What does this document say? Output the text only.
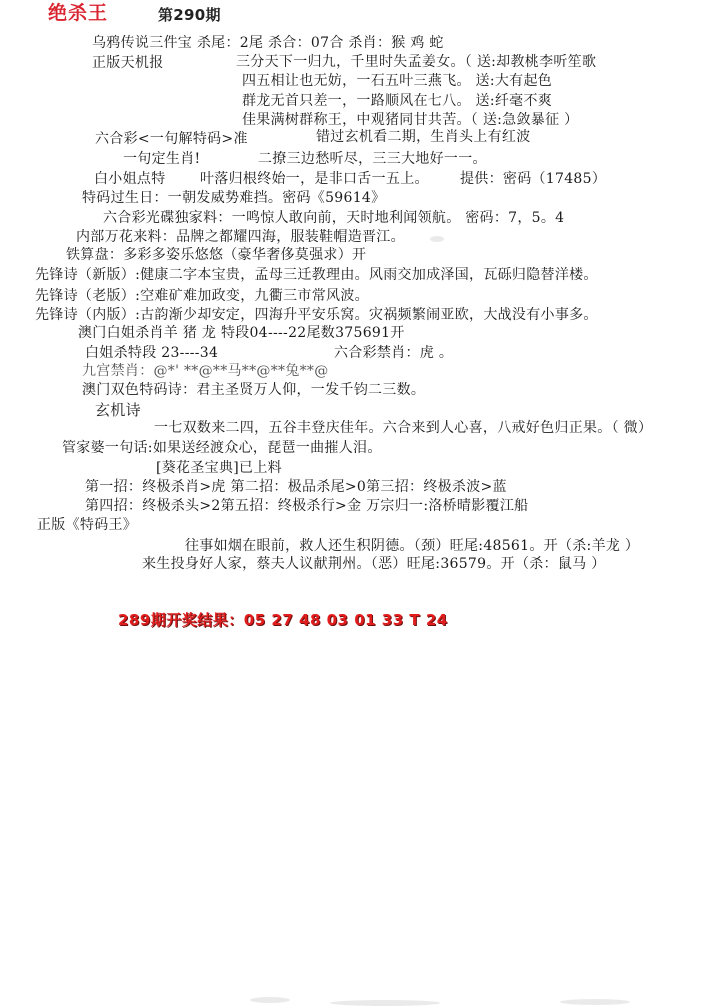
绝杀王	第290期
乌鸦传说三件宝 杀尾：2尾 杀合：07合 杀肖：猴 鸡 蛇
正版天机报	三分天下一归九，千里时失孟姜女。（ 送:却教桃李听笙歌
四五相让也无妨，一石五叶三燕飞。 送:大有起色
群龙无首只差一，一路顺风在七八。 送:纤毫不爽
佳果满树群称王，中观猪同甘共苦。（ 送:急敛暴征 ）
六合彩<一句解特码>准	错过玄机看二期，生肖头上有红波
一句定生肖!	二撩三边愁听尽，三三大地好一一。
白小姐点特 叶落归根终始一，是非口舌一五上。 提供：密码（17485）
特码过生日：一朝发威势难挡。密码《59614》
六合彩光碟独家料：一鸣惊人敢向前，天时地利闻领航。 密码：7，5。4
内部万花来料：品牌之都耀四海，服装鞋帽造晋江。
铁算盘：多彩多姿乐悠悠（豪华奢侈莫强求）开
先锋诗（新版）:健康二字本宝贵，孟母三迁教理由。风雨交加成泽国，瓦砾归隐替洋楼。
先锋诗（老版）:空难矿难加政变，九衢三市常风波。
先锋诗（内版）:古韵渐少却安定，四海升平安乐窝。灾祸频繁闹亚欧，大战没有小事多。
澳门白姐杀肖羊 猪 龙 特段04----22尾数375691开
白姐杀特段 23----34	六合彩禁肖：虎 。
九宫禁肖：@*' **@**马**@**兔**@
澳门双色特码诗：君主圣贤万人仰，一发千钧二三数。
玄机诗
一七双数来二四，五谷丰登庆佳年。六合来到人心喜，八戒好色归正果。（ 微）
管家婆一句话:如果送经渡众心，琵琶一曲摧人泪。
[葵花圣宝典]已上料
第一招：终极杀肖>虎 第二招：极品杀尾>0第三招：终极杀波>蓝
第四招：终极杀头>2第五招：终极杀行>金 万宗归一:洛桥晴影覆江船
正版《特码王》
往事如烟在眼前，救人还生积阴德。（颈）旺尾:48561。开（杀:羊龙 ）
来生投身好人家，蔡夫人议献荆州。（恶）旺尾:36579。开（杀：鼠马 ）
289期开奖结果：05 27 48 03 01 33 T 24
